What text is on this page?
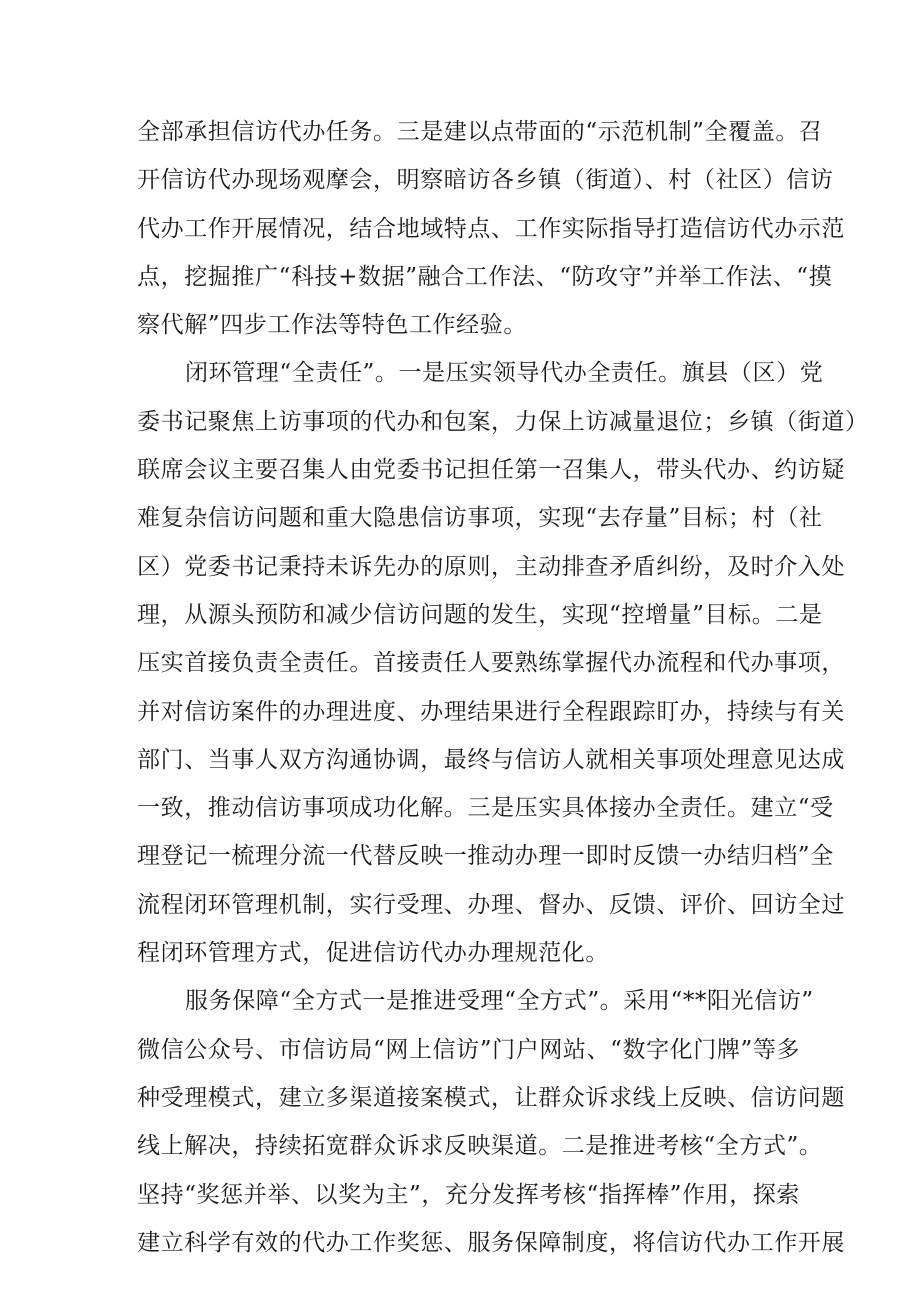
全部承担信访代办任务。三是建以点带面的“示范机制”全覆盖。召
开信访代办现场观摩会，明察暗访各乡镇（街道）、村（社区）信访
代办工作开展情况，结合地域特点、工作实际指导打造信访代办示范
点，挖掘推广“科技+数据”融合工作法、“防攻守”并举工作法、“摸
察代解”四步工作法等特色工作经验。
闭环管理“全责任”。一是压实领导代办全责任。旗县（区）党
委书记聚焦上访事项的代办和包案，力保上访减量退位；乡镇（街道）
联席会议主要召集人由党委书记担任第一召集人，带头代办、约访疑
难复杂信访问题和重大隐患信访事项，实现“去存量”目标；村（社
区）党委书记秉持未诉先办的原则，主动排查矛盾纠纷，及时介入处
理，从源头预防和减少信访问题的发生，实现“控增量”目标。二是
压实首接负责全责任。首接责任人要熟练掌握代办流程和代办事项，
并对信访案件的办理进度、办理结果进行全程跟踪盯办，持续与有关
部门、当事人双方沟通协调，最终与信访人就相关事项处理意见达成
一致，推动信访事项成功化解。三是压实具体接办全责任。建立“受
理登记一梳理分流一代替反映一推动办理一即时反馈一办结归档”全
流程闭环管理机制，实行受理、办理、督办、反馈、评价、回访全过
程闭环管理方式，促进信访代办办理规范化。
服务保障“全方式一是推进受理“全方式”。采用“**阳光信访”
微信公众号、市信访局“网上信访”门户网站、“数字化门牌”等多
种受理模式，建立多渠道接案模式，让群众诉求线上反映、信访问题
线上解决，持续拓宽群众诉求反映渠道。二是推进考核“全方式”。
坚持“奖惩并举、以奖为主”，充分发挥考核“指挥棒”作用，探索
建立科学有效的代办工作奖惩、服务保障制度，将信访代办工作开展
